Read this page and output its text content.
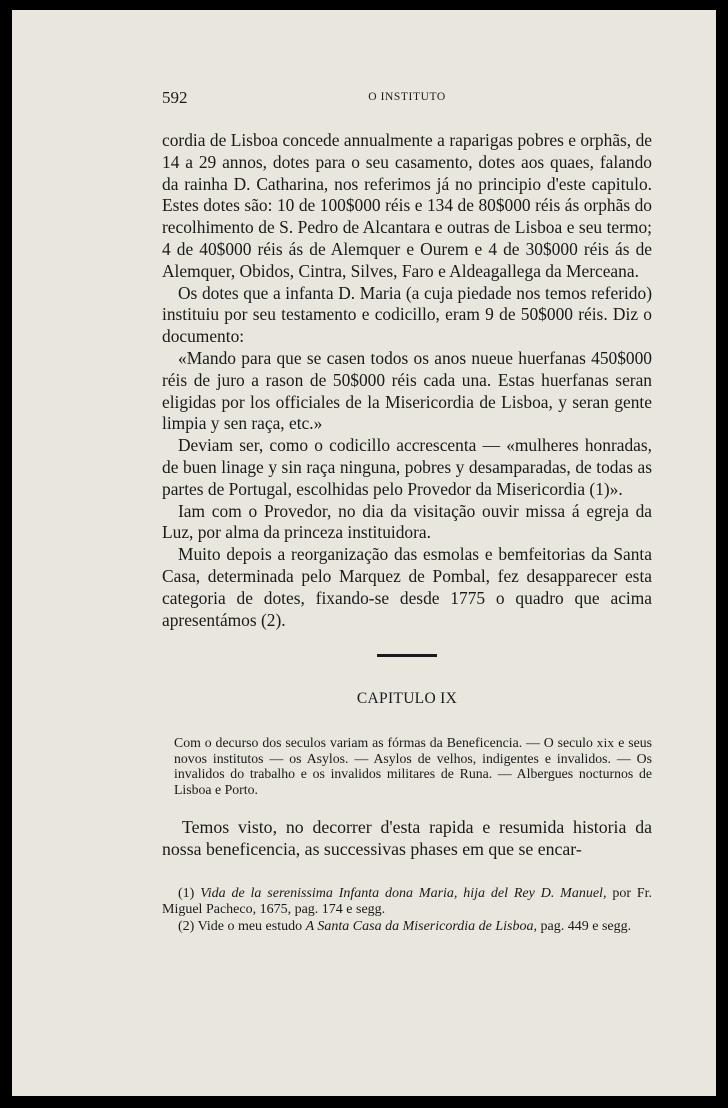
592	O INSTITUTO

cordia de Lisboa concede annualmente a raparigas pobres e orphãs, de 14 a 29 annos, dotes para o seu casamento, dotes aos quaes, falando da rainha D. Catharina, nos referimos já no principio d'este capitulo. Estes dotes são: 10 de 100$000 réis e 134 de 80$000 réis ás orphãs do recolhimento de S. Pedro de Alcantara e outras de Lisboa e seu termo; 4 de 40$000 réis ás de Alemquer e Ourem e 4 de 30$000 réis ás de Alemquer, Obidos, Cintra, Silves, Faro e Aldeagallega da Merceana.

Os dotes que a infanta D. Maria (a cuja piedade nos temos referido) instituiu por seu testamento e codicillo, eram 9 de 50$000 réis. Diz o documento:

«Mando para que se casen todos os anos nueue huerfanas 450$000 réis de juro a rason de 50$000 réis cada una. Estas huerfanas seran eligidas por los officiales de la Misericordia de Lisboa, y seran gente limpia y sen raça, etc.»

Deviam ser, como o codicillo accrescenta — «mulheres honradas, de buen linage y sin raça ninguna, pobres y desamparadas, de todas as partes de Portugal, escolhidas pelo Provedor da Misericordia (1)».

Iam com o Provedor, no dia da visitação ouvir missa á egreja da Luz, por alma da princeza instituidora.

Muito depois a reorganização das esmolas e bemfeitorias da Santa Casa, determinada pelo Marquez de Pombal, fez desapparecer esta categoria de dotes, fixando-se desde 1775 o quadro que acima apresentámos (2).

CAPITULO IX

Com o decurso dos seculos variam as fórmas da Beneficencia. — O seculo xix e seus novos institutos — os Asylos. — Asylos de velhos, indigentes e invalidos. — Os invalidos do trabalho e os invalidos militares de Runa. — Albergues nocturnos de Lisboa e Porto.

Temos visto, no decorrer d'esta rapida e resumida historia da nossa beneficencia, as successivas phases em que se encar-

(1) Vida de la serenissima Infanta dona Maria, hija del Rey D. Manuel, por Fr. Miguel Pacheco, 1675, pag. 174 e segg.

(2) Vide o meu estudo A Santa Casa da Misericordia de Lisboa, pag. 449 e segg.
